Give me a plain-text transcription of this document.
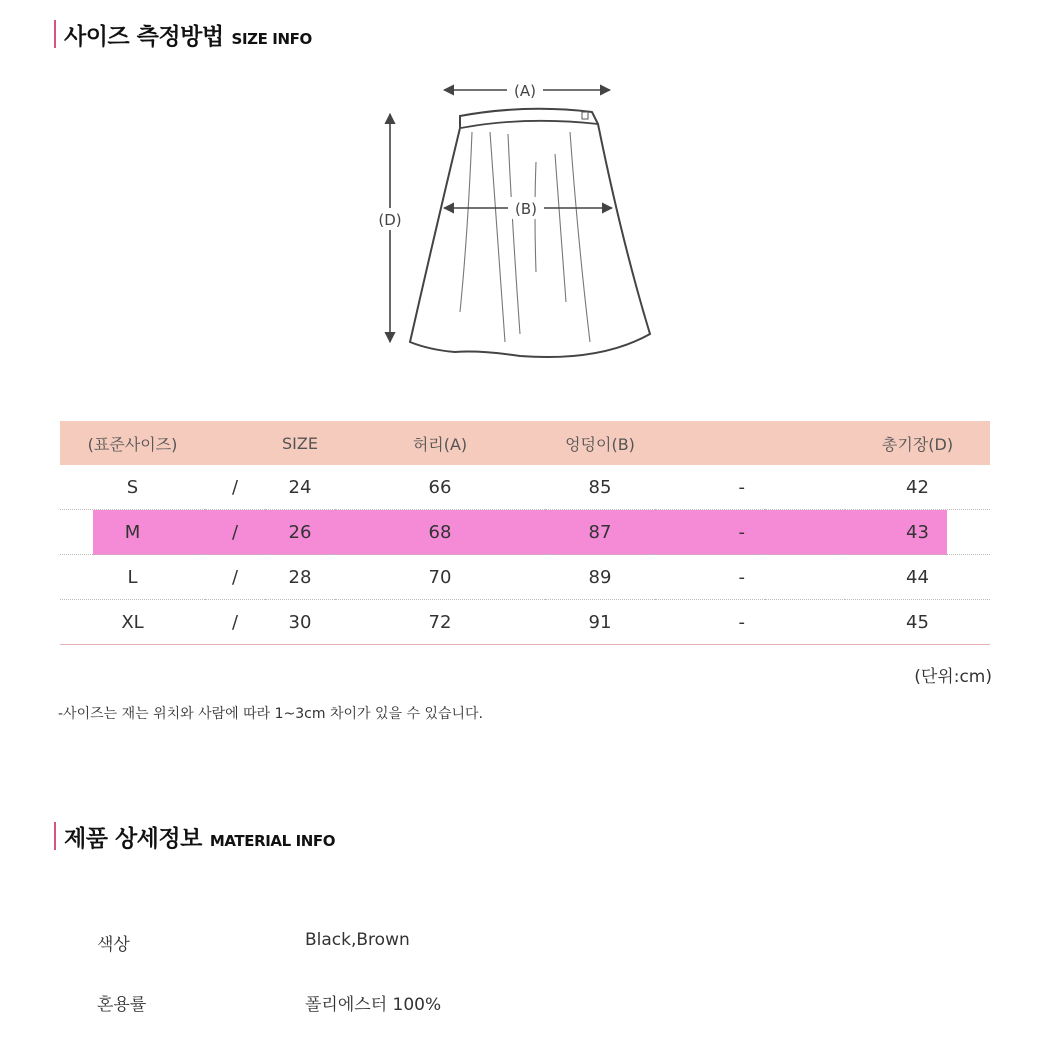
사이즈 측정방법 SIZE INFO
(A)
(B)
(D)
(표준사이즈)		SIZE	허리(A)	엉덩이(B)			총기장(D)
S	/	24	66	85	-		42
M	/	26	68	87	-		43
L	/	28	70	89	-		44
XL	/	30	72	91	-		45
(단위:cm)
-사이즈는 재는 위치와 사람에 따라 1~3cm 차이가 있을 수 있습니다.
제품 상세정보 MATERIAL INFO
색상	Black,Brown
혼용률	폴리에스터 100%
